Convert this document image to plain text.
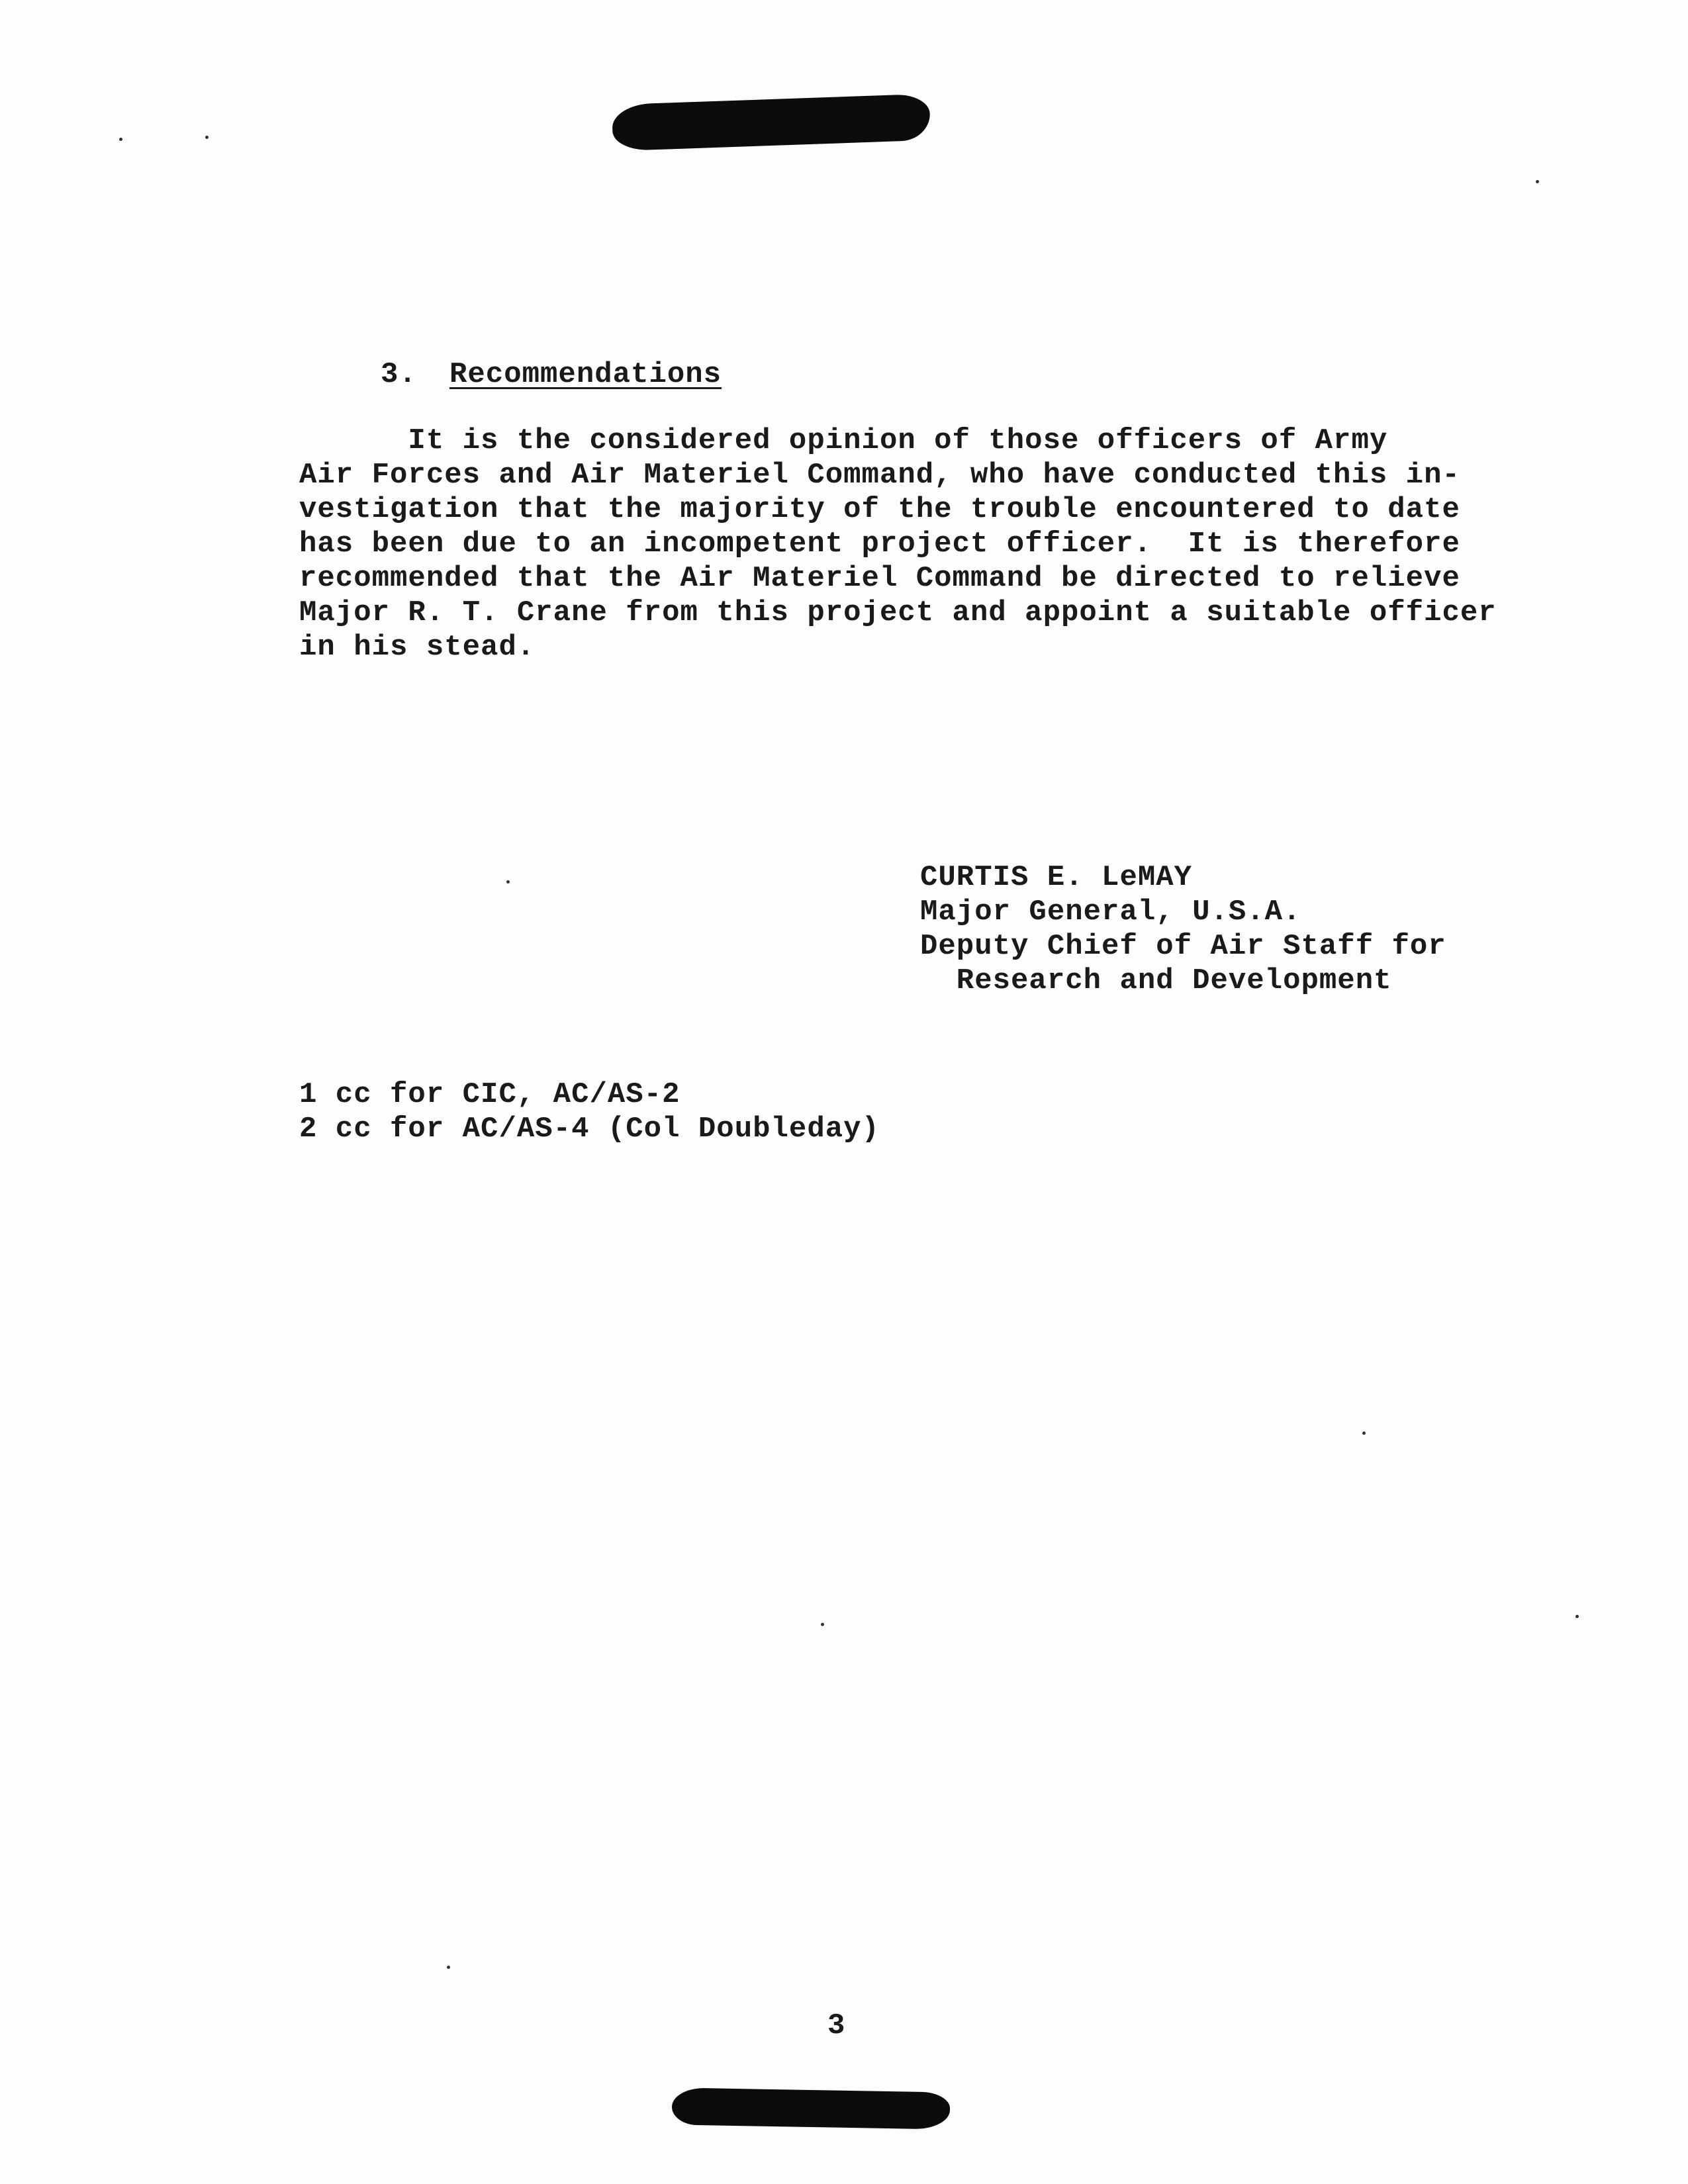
3. Recommendations
It is the considered opinion of those officers of Army
Air Forces and Air Materiel Command, who have conducted this in-
vestigation that the majority of the trouble encountered to date
has been due to an incompetent project officer.  It is therefore
recommended that the Air Materiel Command be directed to relieve
Major R. T. Crane from this project and appoint a suitable officer
in his stead.
CURTIS E. LeMAY
Major General, U.S.A.
Deputy Chief of Air Staff for
Research and Development
1 cc for CIC, AC/AS-2
2 cc for AC/AS-4 (Col Doubleday)
3
